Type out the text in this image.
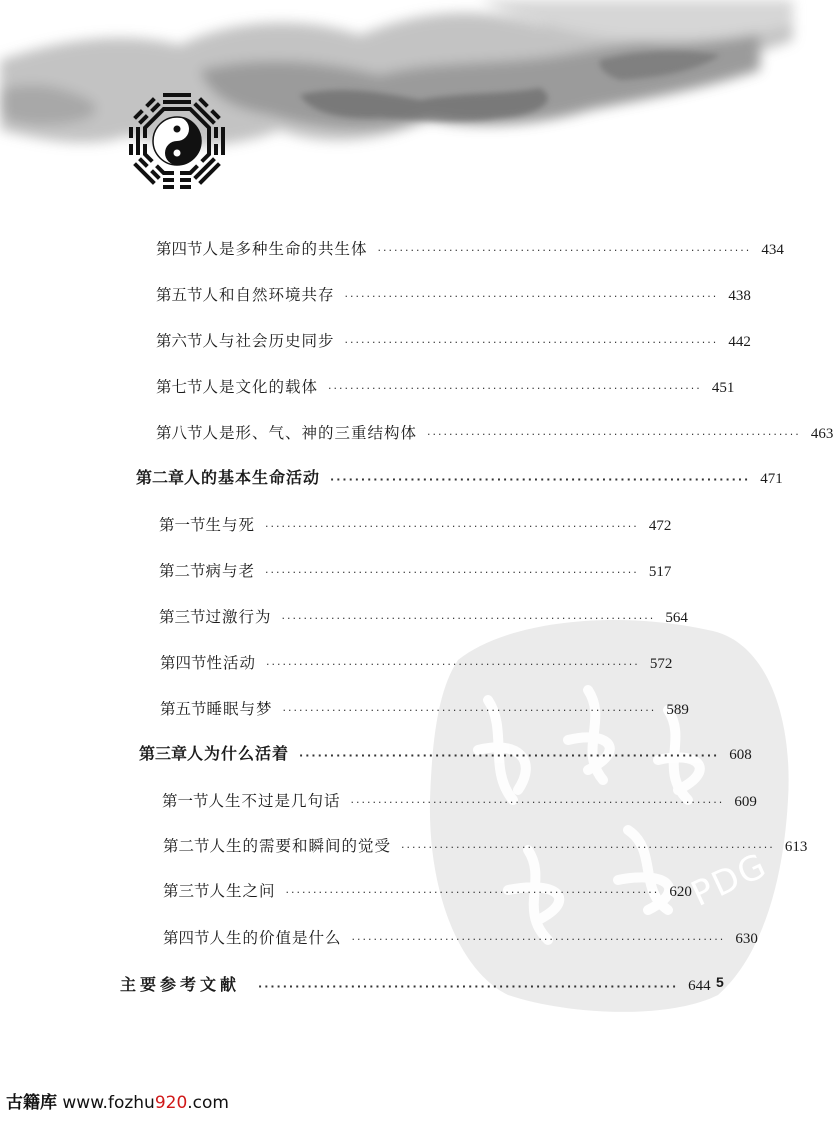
PDG
第四节 人是多种生命的共生体 ···································································· 434
第五节 人和自然环境共存 ···································································· 438
第六节 人与社会历史同步 ···································································· 442
第七节 人是文化的载体 ···································································· 451
第八节 人是形、气、神的三重结构体 ···································································· 463
第二章 人的基本生命活动 ···································································· 471
第一节 生与死 ···································································· 472
第二节 病与老 ···································································· 517
第三节 过激行为 ···································································· 564
第四节 性活动 ···································································· 572
第五节 睡眠与梦 ···································································· 589
第三章 人为什么活着 ···································································· 608
第一节 人生不过是几句话 ···································································· 609
第二节 人生的需要和瞬间的觉受 ···································································· 613
第三节 人生之问 ···································································· 620
第四节 人生的价值是什么 ···································································· 630
主要参考文献 ···································································· 644 5
古籍库 www.fozhu920.com
